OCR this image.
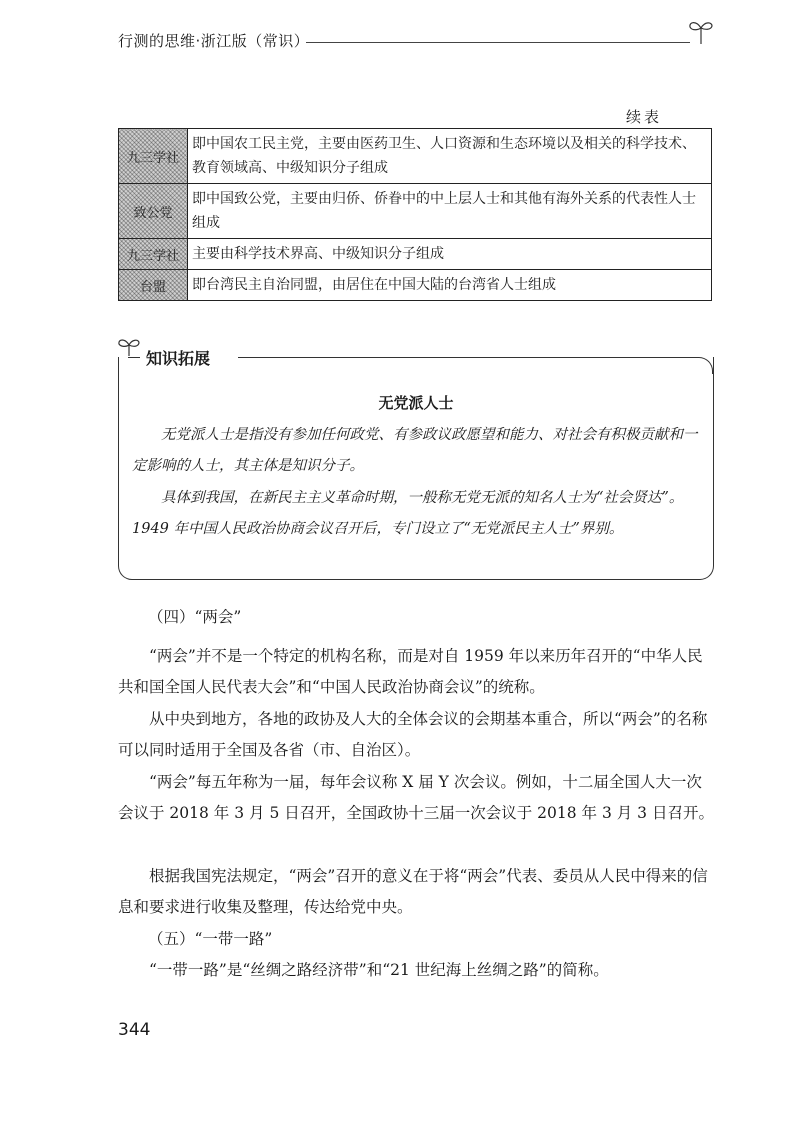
行测的思维·浙江版（常识）
续表
九三学社	即中国农工民主党，主要由医药卫生、人口资源和生态环境以及相关的科学技术、教育领域高、中级知识分子组成
致公党	即中国致公党，主要由归侨、侨眷中的中上层人士和其他有海外关系的代表性人士组成
九三学社	主要由科学技术界高、中级知识分子组成
台盟	即台湾民主自治同盟，由居住在中国大陆的台湾省人士组成
知识拓展
无党派人士

无党派人士是指没有参加任何政党、有参政议政愿望和能力、对社会有积极贡献和一定影响的人士，其主体是知识分子。

具体到我国，在新民主主义革命时期，一般称无党无派的知名人士为“社会贤达”。1949 年中国人民政治协商会议召开后，专门设立了“无党派民主人士”界别。

（四）“两会”

“两会”并不是一个特定的机构名称，而是对自 1959 年以来历年召开的“中华人民共和国全国人民代表大会”和“中国人民政治协商会议”的统称。

从中央到地方，各地的政协及人大的全体会议的会期基本重合，所以“两会”的名称可以同时适用于全国及各省（市、自治区）。

“两会”每五年称为一届，每年会议称 X 届 Y 次会议。例如，十二届全国人大一次会议于 2018 年 3 月 5 日召开，全国政协十三届一次会议于 2018 年 3 月 3 日召开。

根据我国宪法规定，“两会”召开的意义在于将“两会”代表、委员从人民中得来的信息和要求进行收集及整理，传达给党中央。

（五）“一带一路”

“一带一路”是“丝绸之路经济带”和“21 世纪海上丝绸之路”的简称。

344
